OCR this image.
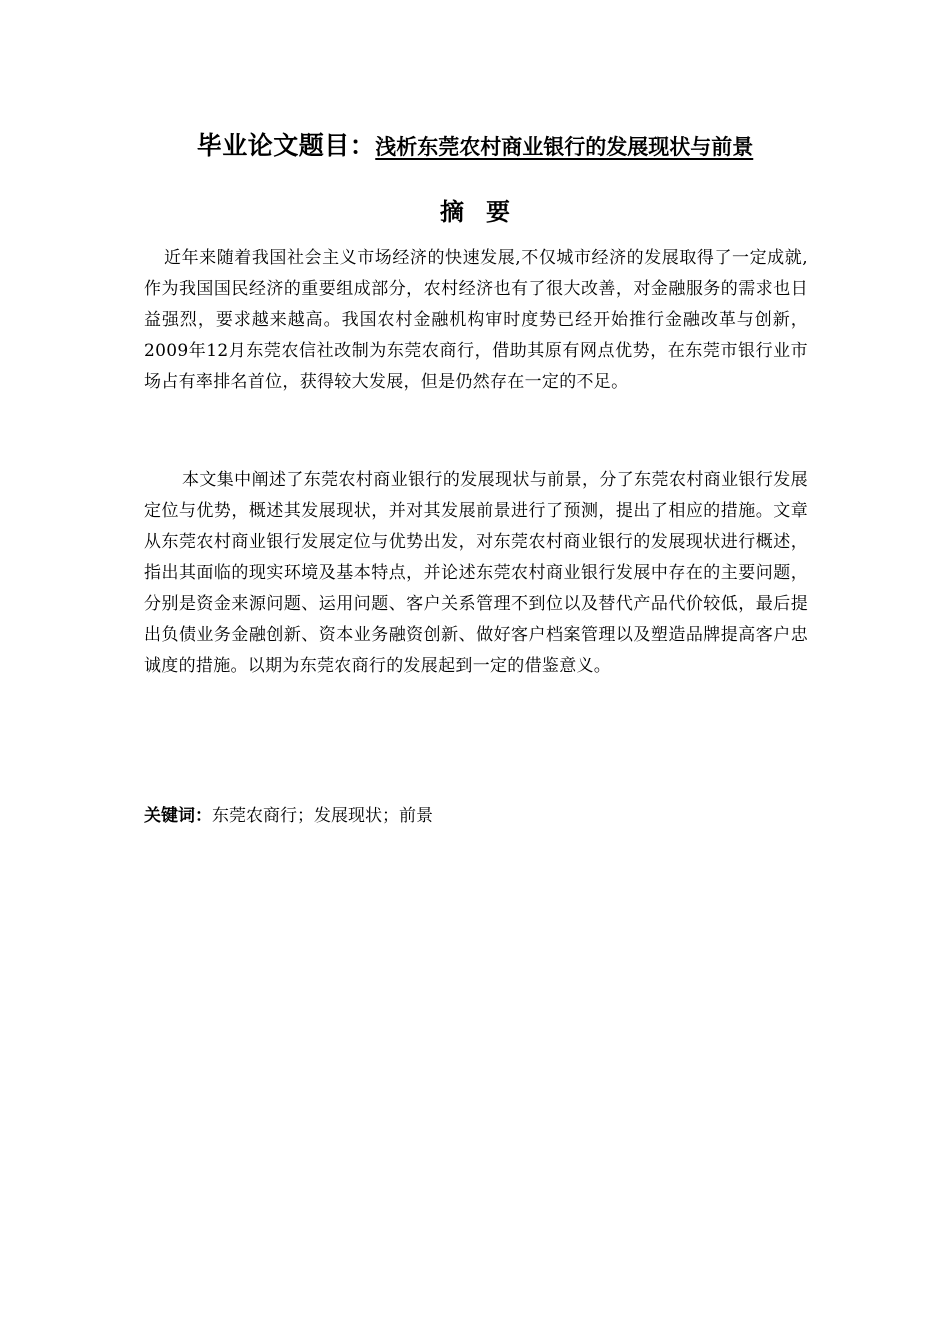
毕业论文题目：浅析东莞农村商业银行的发展现状与前景
摘要

近年来随着我国社会主义市场经济的快速发展,不仅城市经济的发展取得了一定成就,作为我国国民经济的重要组成部分，农村经济也有了很大改善，对金融服务的需求也日益强烈，要求越来越高。我国农村金融机构审时度势已经开始推行金融改革与创新，2009年12月东莞农信社改制为东莞农商行，借助其原有网点优势，在东莞市银行业市场占有率排名首位，获得较大发展，但是仍然存在一定的不足。

本文集中阐述了东莞农村商业银行的发展现状与前景，分了东莞农村商业银行发展定位与优势，概述其发展现状，并对其发展前景进行了预测，提出了相应的措施。文章从东莞农村商业银行发展定位与优势出发，对东莞农村商业银行的发展现状进行概述，指出其面临的现实环境及基本特点，并论述东莞农村商业银行发展中存在的主要问题，分别是资金来源问题、运用问题、客户关系管理不到位以及替代产品代价较低，最后提出负债业务金融创新、资本业务融资创新、做好客户档案管理以及塑造品牌提高客户忠诚度的措施。以期为东莞农商行的发展起到一定的借鉴意义。

关键词：东莞农商行；发展现状；前景
